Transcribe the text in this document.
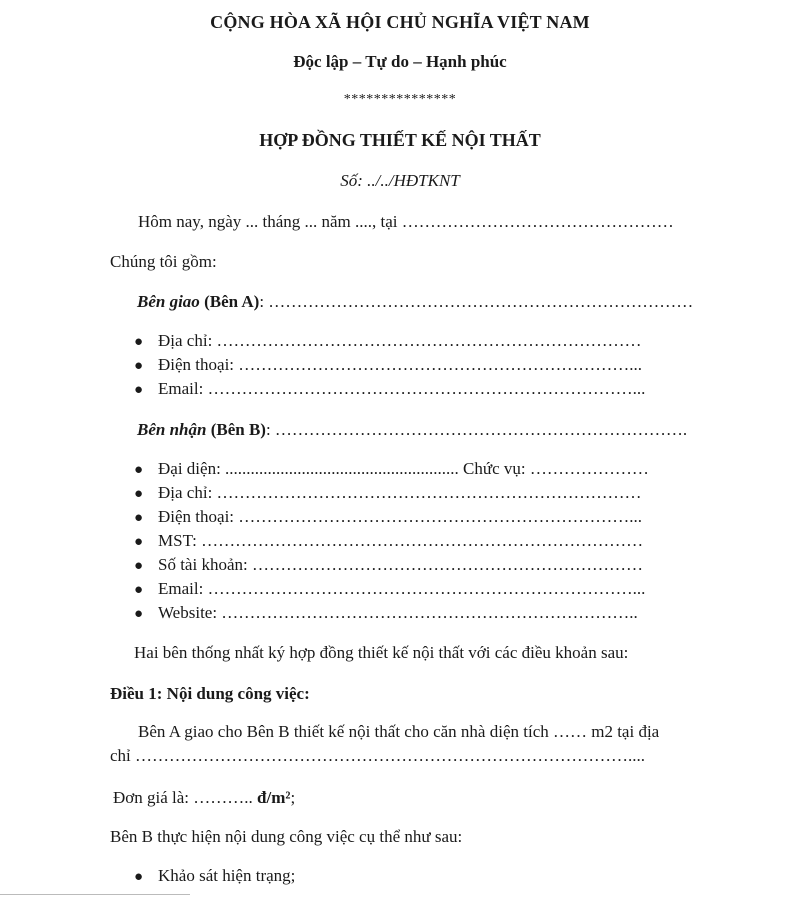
CỘNG HÒA XÃ HỘI CHỦ NGHĨA VIỆT NAM
Độc lập – Tự do – Hạnh phúc
***************
HỢP ĐỒNG THIẾT KẾ NỘI THẤT
Số: ../../HĐTKNT
Hôm nay, ngày ... tháng ... năm ...., tại …………………………………………
Chúng tôi gồm:
Bên giao (Bên A): …………………………………………………………………
● Địa chỉ: …………………………………………………………………
● Điện thoại: ……………………………………………………………...
● Email: …………………………………………………………………...
Bên nhận (Bên B): ……………………………………………………………….
● Đại diện: ....................................................... Chức vụ: …………………
● Địa chỉ: …………………………………………………………………
● Điện thoại: ……………………………………………………………...
● MST: ……………………………………………………………………
● Số tài khoản: ……………………………………………………………
● Email: …………………………………………………………………...
● Website: ………………………………………………………………..
Hai bên thống nhất ký hợp đồng thiết kế nội thất với các điều khoản sau:
Điều 1: Nội dung công việc:
Bên A giao cho Bên B thiết kế nội thất cho căn nhà diện tích …… m2 tại địa
chỉ ……………………………………………………………………………....
Đơn giá là: ……….. đ/m²;
Bên B thực hiện nội dung công việc cụ thể như sau:
● Khảo sát hiện trạng;
